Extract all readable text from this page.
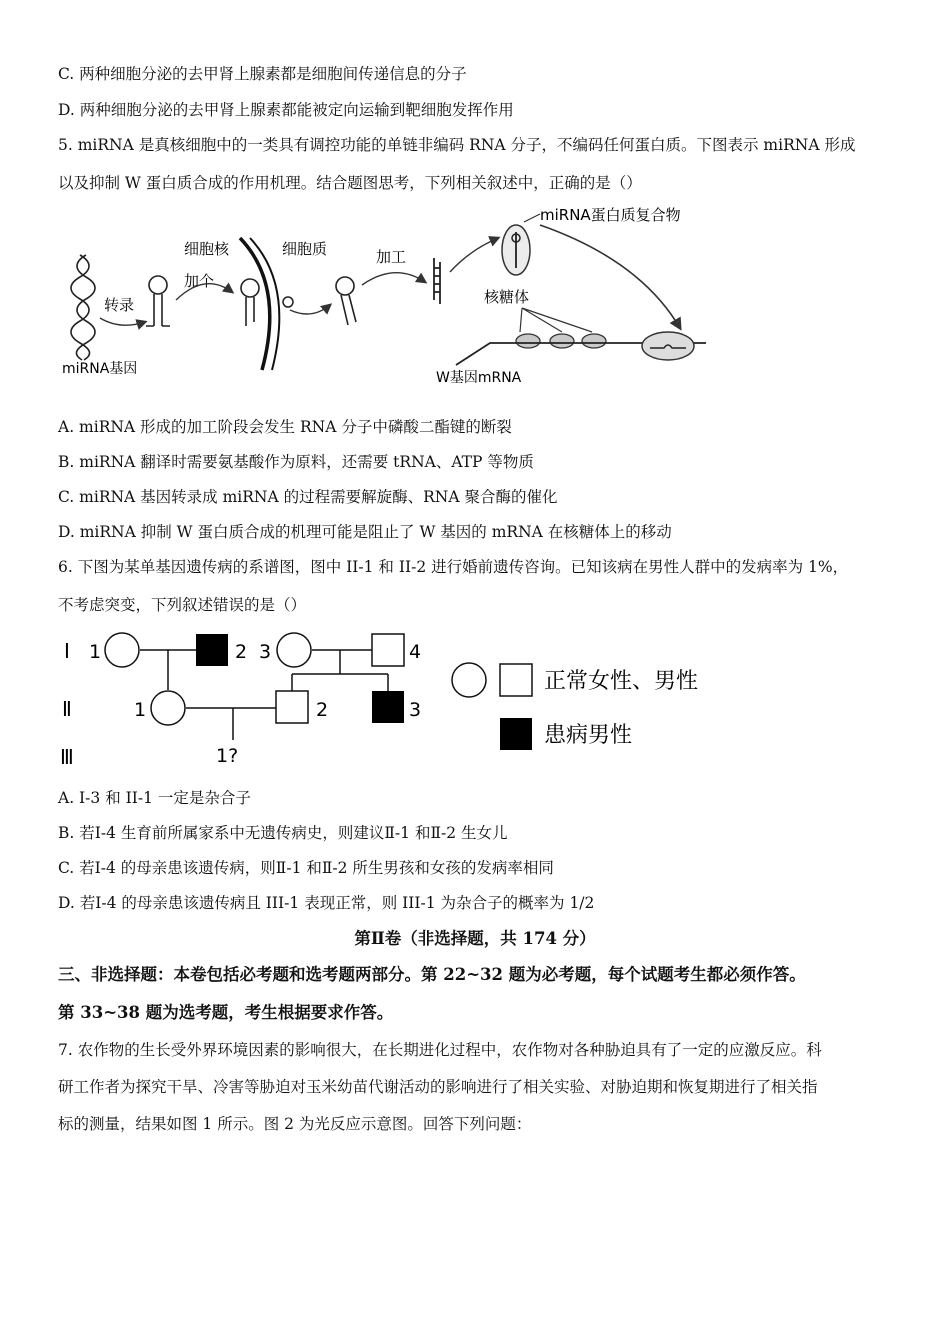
C. 两种细胞分泌的去甲肾上腺素都是细胞间传递信息的分子
D. 两种细胞分泌的去甲肾上腺素都能被定向运输到靶细胞发挥作用
5. miRNA 是真核细胞中的一类具有调控功能的单链非编码 RNA 分子，不编码任何蛋白质。下图表示 miRNA 形成
以及抑制 W 蛋白质合成的作用机理。结合题图思考，下列相关叙述中，正确的是（）
miRNA基因
转录
加个
细胞核	细胞质	加工
miRNA蛋白质复合物
核糖体
W基因mRNA
A. miRNA 形成的加工阶段会发生 RNA 分子中磷酸二酯键的断裂
B. miRNA 翻译时需要氨基酸作为原料，还需要 tRNA、ATP 等物质
C. miRNA 基因转录成 miRNA 的过程需要解旋酶、RNA 聚合酶的催化
D. miRNA 抑制 W 蛋白质合成的机理可能是阻止了 W 基因的 mRNA 在核糖体上的移动
6. 下图为某单基因遗传病的系谱图，图中 II-1 和 II-2 进行婚前遗传咨询。已知该病在男性人群中的发病率为 1%，
不考虑突变，下列叙述错误的是（）
Ⅰ
Ⅱ
Ⅲ
1	2 3	4
1	2	3
1?
正常女性、男性
患病男性
A. Ⅰ-3 和 II-1 一定是杂合子
B. 若Ⅰ-4 生育前所属家系中无遗传病史，则建议Ⅱ-1 和Ⅱ-2 生女儿
C. 若Ⅰ-4 的母亲患该遗传病，则Ⅱ-1 和Ⅱ-2 所生男孩和女孩的发病率相同
D. 若Ⅰ-4 的母亲患该遗传病且 III-1 表现正常，则 III-1 为杂合子的概率为 1/2
第Ⅱ卷（非选择题，共 174 分）
三、非选择题：本卷包括必考题和选考题两部分。第 22~32 题为必考题，每个试题考生都必须作答。
第 33~38 题为选考题，考生根据要求作答。
7. 农作物的生长受外界环境因素的影响很大，在长期进化过程中，农作物对各种胁迫具有了一定的应激反应。科
研工作者为探究干旱、冷害等胁迫对玉米幼苗代谢活动的影响进行了相关实验、对胁迫期和恢复期进行了相关指
标的测量，结果如图 1 所示。图 2 为光反应示意图。回答下列问题：
